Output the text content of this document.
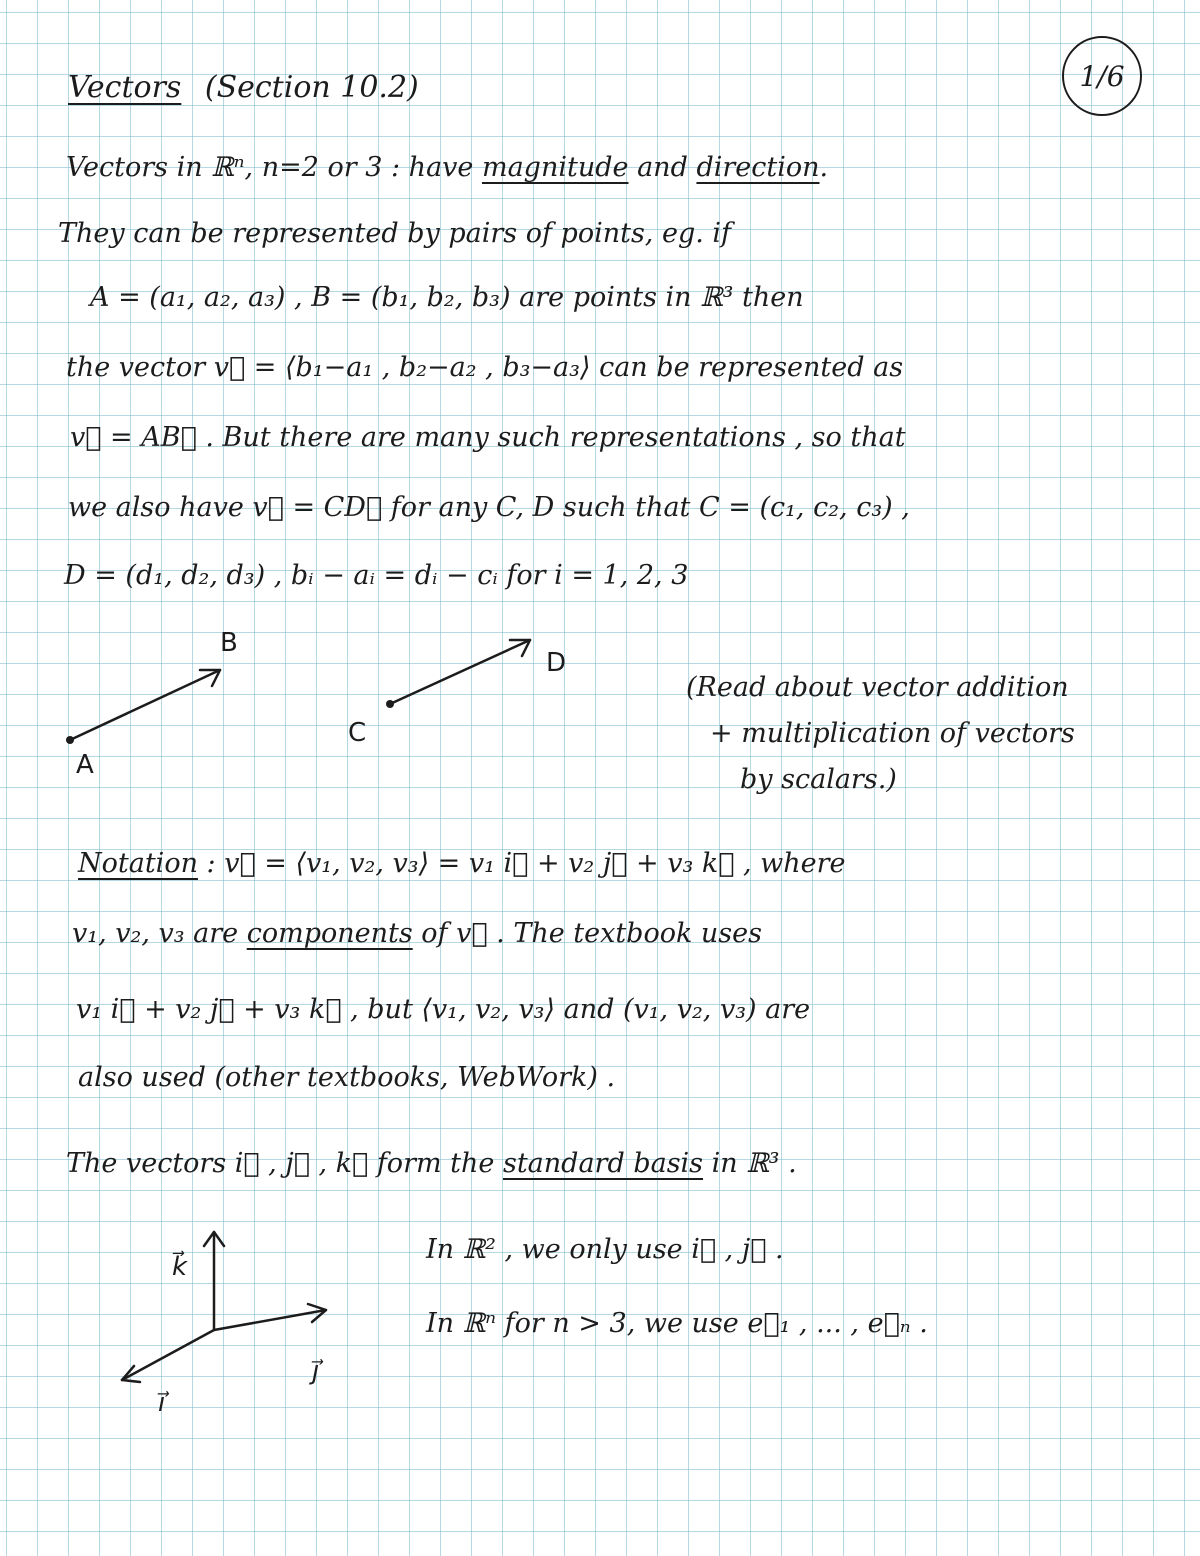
Vectors (Section 10.2)	1/6
Vectors in ℝⁿ, n=2 or 3 : have magnitude and direction.
They can be represented by pairs of points, eg. if
A = (a₁, a₂, a₃) , B = (b₁, b₂, b₃) are points in ℝ³ then
the vector v⃗ = ⟨b₁−a₁ , b₂−a₂ , b₃−a₃⟩ can be represented as
v⃗ = AB⃗ . But there are many such representations , so that
we also have v⃗ = CD⃗ for any C, D such that C = (c₁, c₂, c₃) ,
D = (d₁, d₂, d₃) , bᵢ − aᵢ = dᵢ − cᵢ for i = 1, 2, 3
A
B
C
D
(Read about vector addition
+ multiplication of vectors
by scalars.)
Notation : v⃗ = ⟨v₁, v₂, v₃⟩ = v₁ i⃗ + v₂ j⃗ + v₃ k⃗ , where
v₁, v₂, v₃ are components of v⃗ . The textbook uses
v₁ i⃗ + v₂ j⃗ + v₃ k⃗ , but ⟨v₁, v₂, v₃⟩ and (v₁, v₂, v₃) are
also used (other textbooks, WebWork) .
The vectors i⃗ , j⃗ , k⃗ form the standard basis in ℝ³ .
In ℝ² , we only use i⃗ , j⃗ .
In ℝⁿ for n > 3, we use e⃗₁ , ... , e⃗ₙ .
k⃗
j⃗
i⃗
